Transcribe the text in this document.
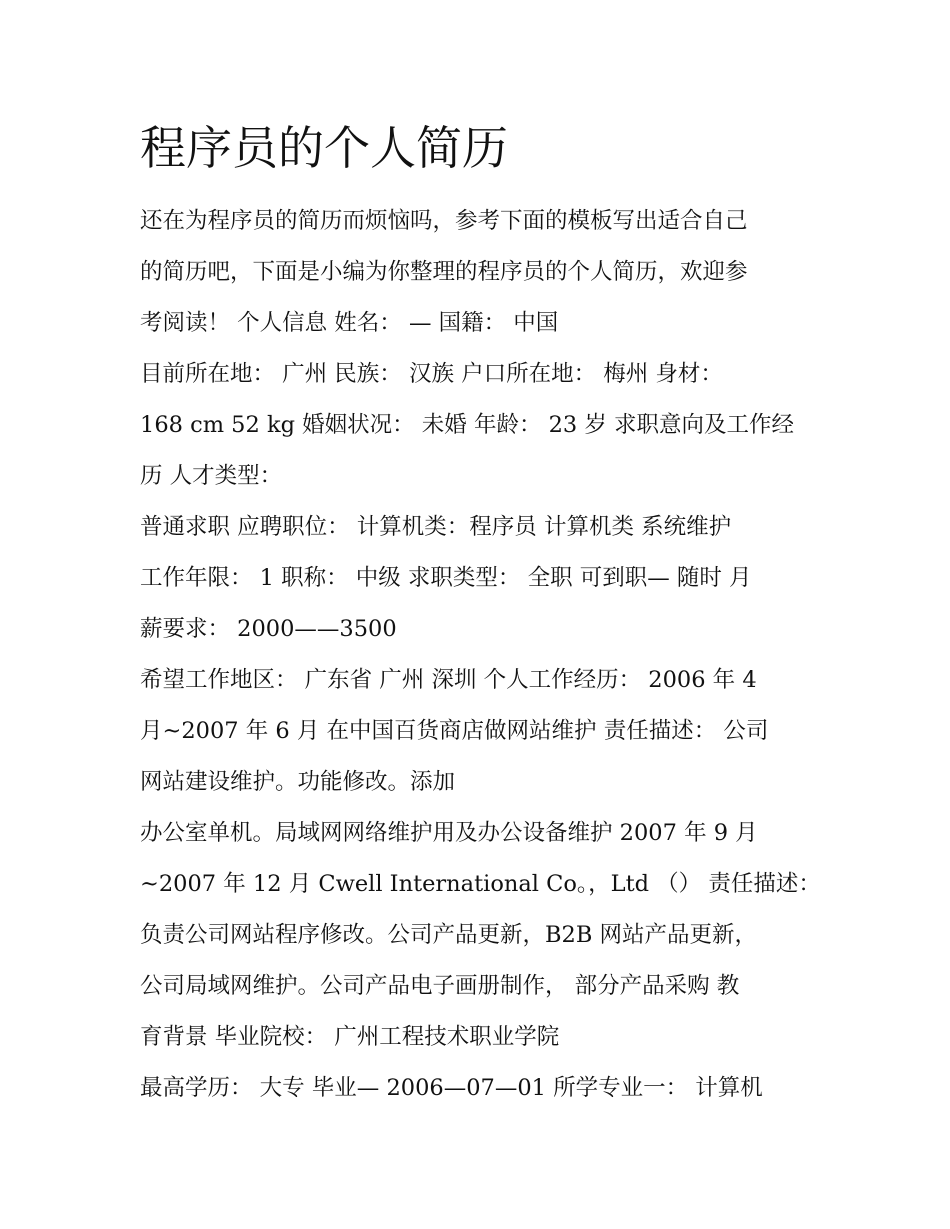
程序员的个人简历
还在为程序员的简历而烦恼吗，参考下面的模板写出适合自己
的简历吧，下面是小编为你整理的程序员的个人简历，欢迎参
考阅读！ 个人信息 姓名： — 国籍： 中国
目前所在地： 广州 民族： 汉族 户口所在地： 梅州 身材：
168 cm 52 kg 婚姻状况： 未婚 年龄： 23 岁 求职意向及工作经
历 人才类型：
普通求职 应聘职位： 计算机类：程序员 计算机类 系统维护
工作年限： 1 职称： 中级 求职类型： 全职 可到职— 随时 月
薪要求： 2000——3500
希望工作地区： 广东省 广州 深圳 个人工作经历： 2006 年 4
月~2007 年 6 月 在中国百货商店做网站维护 责任描述： 公司
网站建设维护。功能修改。添加
办公室单机。局域网网络维护用及办公设备维护 2007 年 9 月
~2007 年 12 月 Cwell International Co。，Ltd （） 责任描述：
负责公司网站程序修改。公司产品更新，B2B 网站产品更新，
公司局域网维护。公司产品电子画册制作， 部分产品采购 教
育背景 毕业院校： 广州工程技术职业学院
最高学历： 大专 毕业— 2006—07—01 所学专业一： 计算机
